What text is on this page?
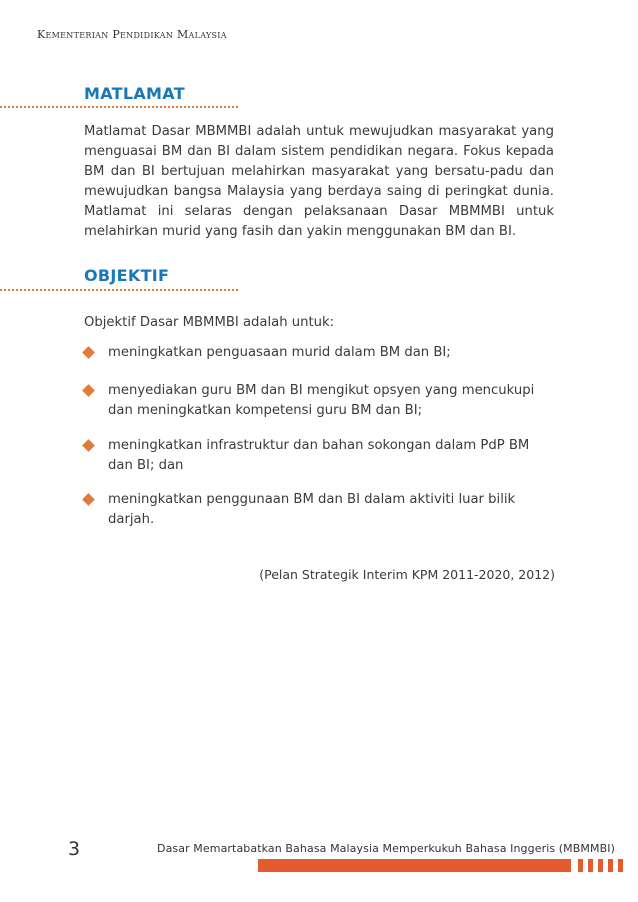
Kementerian Pendidikan Malaysia
MATLAMAT
Matlamat Dasar MBMMBI adalah untuk mewujudkan masyarakat yang menguasai BM dan BI dalam sistem pendidikan negara. Fokus kepada BM dan BI bertujuan melahirkan masyarakat yang bersatu-padu dan mewujudkan bangsa Malaysia yang berdaya saing di peringkat dunia. Matlamat ini selaras dengan pelaksanaan Dasar MBMMBI untuk melahirkan murid yang fasih dan yakin menggunakan BM dan BI.
OBJEKTIF
Objektif Dasar MBMMBI adalah untuk:
meningkatkan penguasaan murid dalam BM dan BI;
menyediakan guru BM dan BI mengikut opsyen yang mencukupi dan meningkatkan kompetensi guru BM dan BI;
meningkatkan infrastruktur dan bahan sokongan dalam PdP BM dan BI; dan
meningkatkan penggunaan BM dan BI dalam aktiviti luar bilik darjah.
(Pelan Strategik Interim KPM 2011-2020, 2012)
3	Dasar Memartabatkan Bahasa Malaysia Memperkukuh Bahasa Inggeris (MBMMBI)
